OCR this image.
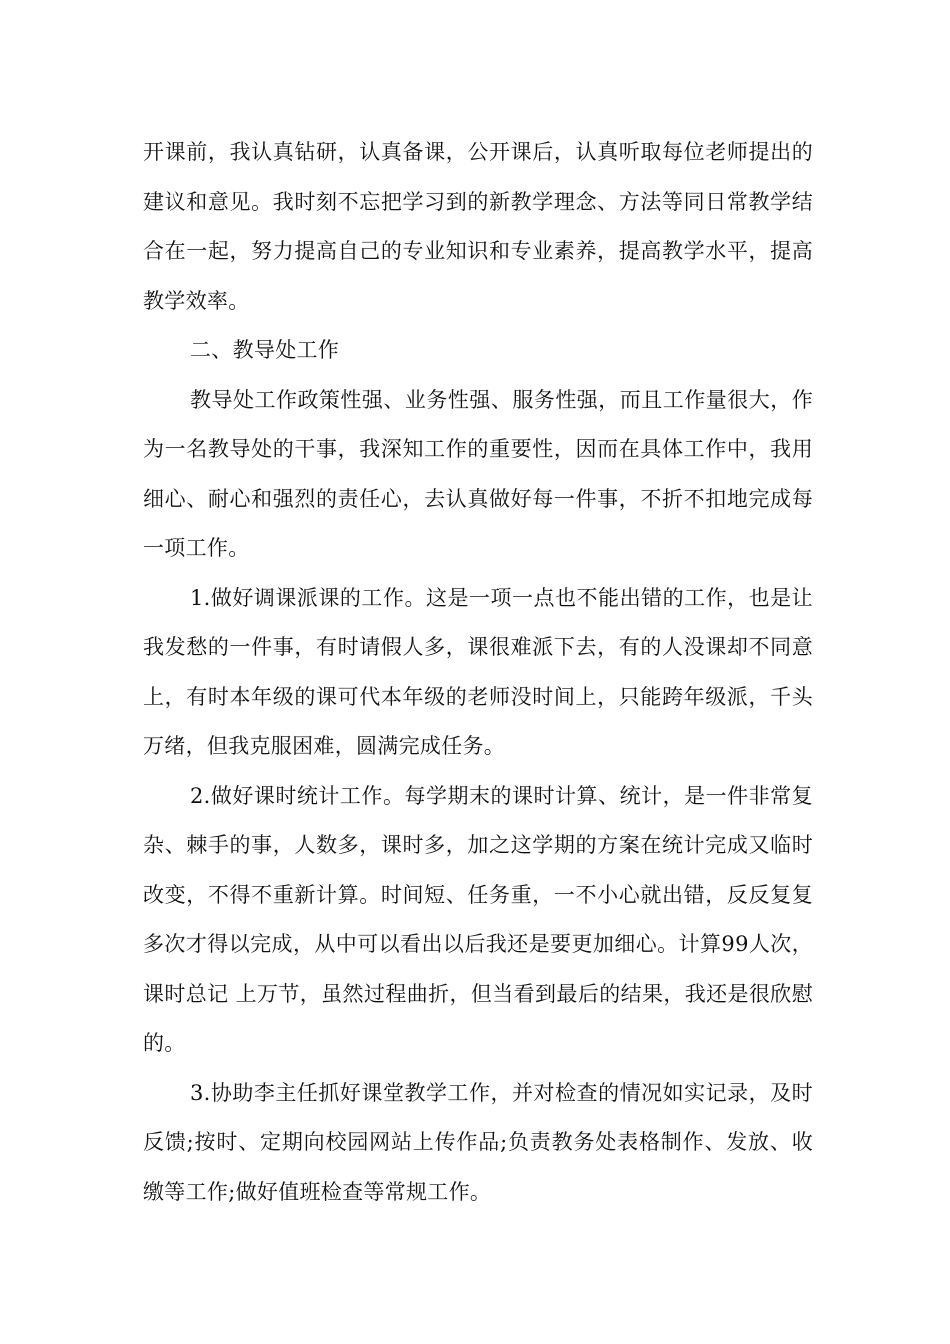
开课前，我认真钻研，认真备课，公开课后，认真听取每位老师提出的建议和意见。我时刻不忘把学习到的新教学理念、方法等同日常教学结合在一起，努力提高自己的专业知识和专业素养，提高教学水平，提高教学效率。

二、教导处工作

教导处工作政策性强、业务性强、服务性强，而且工作量很大，作为一名教导处的干事，我深知工作的重要性，因而在具体工作中，我用细心、耐心和强烈的责任心，去认真做好每一件事，不折不扣地完成每一项工作。

1.做好调课派课的工作。这是一项一点也不能出错的工作，也是让我发愁的一件事，有时请假人多，课很难派下去，有的人没课却不同意上，有时本年级的课可代本年级的老师没时间上，只能跨年级派，千头万绪，但我克服困难，圆满完成任务。

2.做好课时统计工作。每学期末的课时计算、统计，是一件非常复杂、棘手的事，人数多，课时多，加之这学期的方案在统计完成又临时改变，不得不重新计算。时间短、任务重，一不小心就出错，反反复复多次才得以完成，从中可以看出以后我还是要更加细心。计算99人次，课时总记 上万节，虽然过程曲折，但当看到最后的结果，我还是很欣慰的。

3.协助李主任抓好课堂教学工作，并对检查的情况如实记录，及时反馈;按时、定期向校园网站上传作品;负责教务处表格制作、发放、收缴等工作;做好值班检查等常规工作。
